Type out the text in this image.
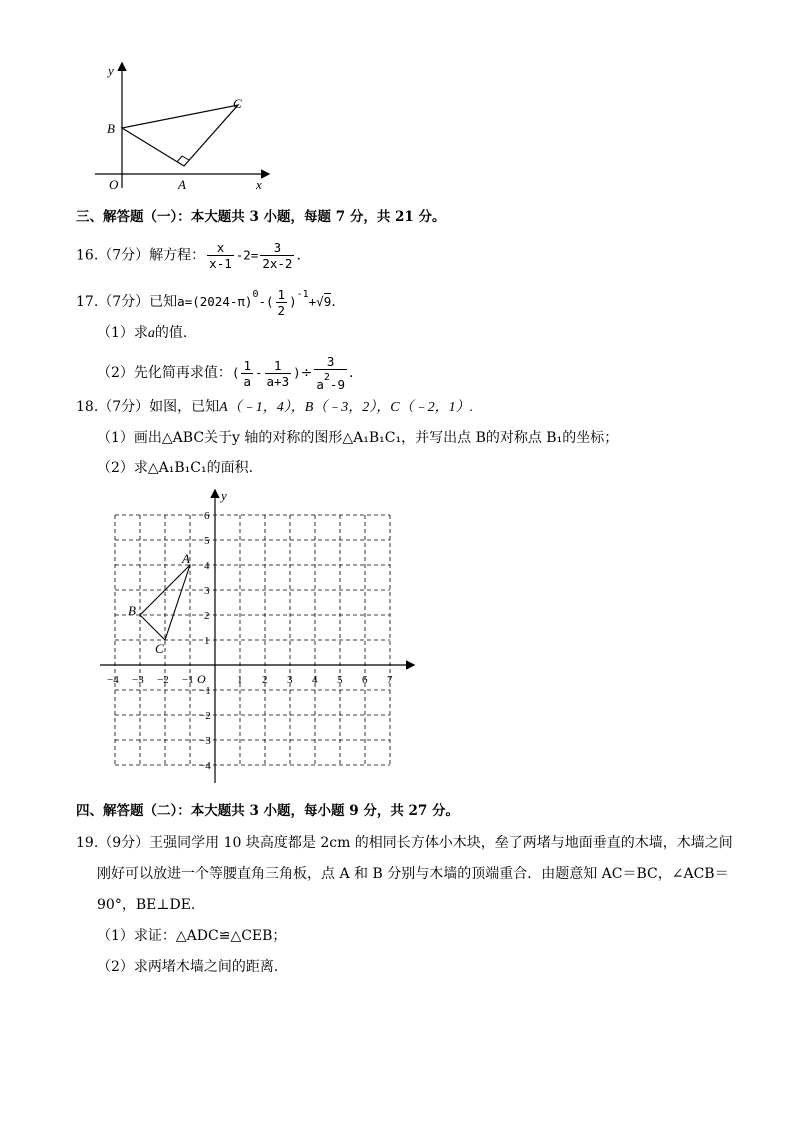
y
x
O	A
B
C
三、解答题（一）：本大题共 3 小题，每题 7 分，共 21 分。
16.（7分）解方程： $\frac{x}{x-1} -2= \frac{3}{2x-2}$ .
17.（7分）已知$a=(2024-\pi)^0-( \frac{1}{2} )^{-1}+√9$.
（1）求a的值.
（2）先化简再求值：( $\frac{1}{a} - \frac{1}{a+3}$ )÷ $\frac{3}{a^2-9}$ .
18.（7分）如图，已知A（﹣1，4），B（﹣3，2），C（﹣2，1）.
（1）画出△ABC关于y 轴的对称的图形△A₁B₁C₁，并写出点 B的对称点 B₁的坐标；
（2）求△A₁B₁C₁的面积.
−4 −3 −2 −1	1 2 3 4 5 6 7
6
5
4
3
2
1
−1
−2
−3
−4
y
O
A
B
C
四、解答题（二）：本大题共 3 小题，每小题 9 分，共 27 分。
19.（9分）王强同学用 10 块高度都是 2cm 的相同长方体小木块，垒了两堵与地面垂直的木墙，木墙之间
刚好可以放进一个等腰直角三角板，点 A 和 B 分别与木墙的顶端重合．由题意知 AC＝BC，∠ACB＝
90°，BE⊥DE.
（1）求证：△ADC≌△CEB；
（2）求两堵木墙之间的距离.
